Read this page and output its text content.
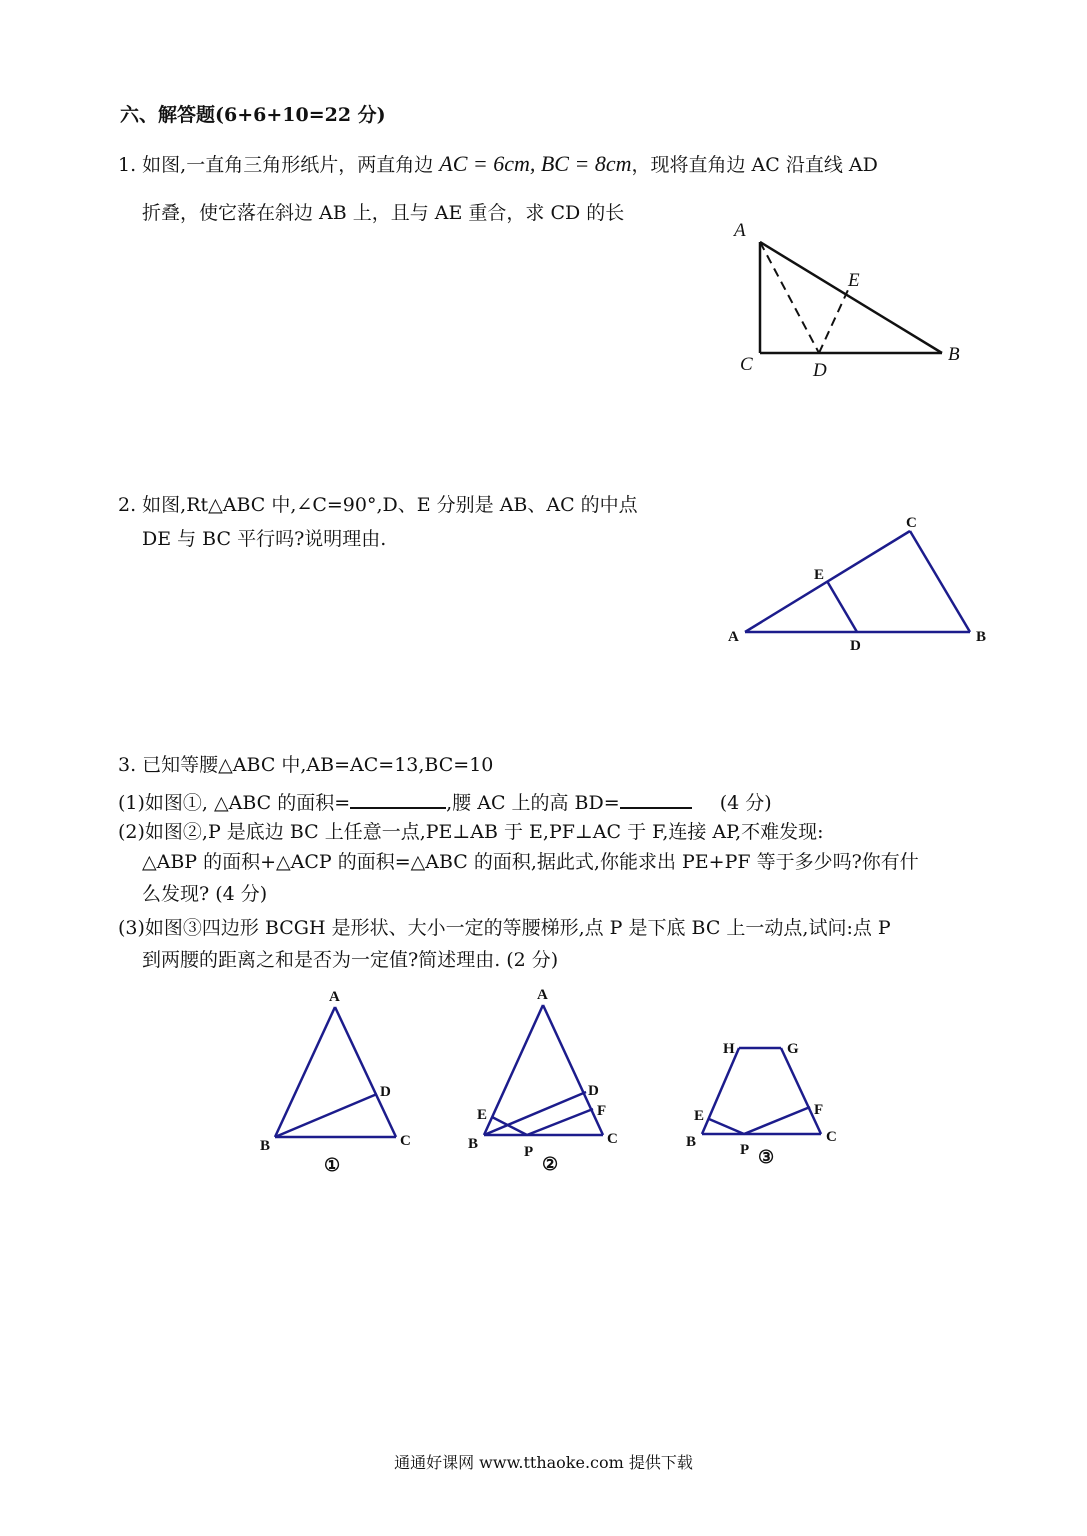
六、解答题(6+6+10=22 分)
1. 如图,一直角三角形纸片，两直角边 AC = 6cm, BC = 8cm，现将直角边 AC 沿直线 AD
折叠，使它落在斜边 AB 上，且与 AE 重合，求 CD 的长
A
B
C	D
E
2. 如图,Rt△ABC 中,∠C=90°,D、E 分别是 AB、AC 的中点
DE 与 BC 平行吗?说明理由.
A	B
C
D
E
3. 已知等腰△ABC 中,AB=AC=13,BC=10
(1)如图①, △ABC 的面积=	,腰 AC 上的高 BD=	(4 分)
(2)如图②,P 是底边 BC 上任意一点,PE⊥AB 于 E,PF⊥AC 于 F,连接 AP,不难发现:
△ABP 的面积+△ACP 的面积=△ABC 的面积,据此式,你能求出 PE+PF 等于多少吗?你有什
么发现? (4 分)
(3)如图③四边形 BCGH 是形状、大小一定的等腰梯形,点 P 是下底 BC 上一动点,试问:点 P
到两腰的距离之和是否为一定值?简述理由. (2 分)
A
B	C
D
①
A
B	C
D
E	F
P
②
H	G
B	C
E	F
P ③
通通好课网 www.tthaoke.com 提供下载
